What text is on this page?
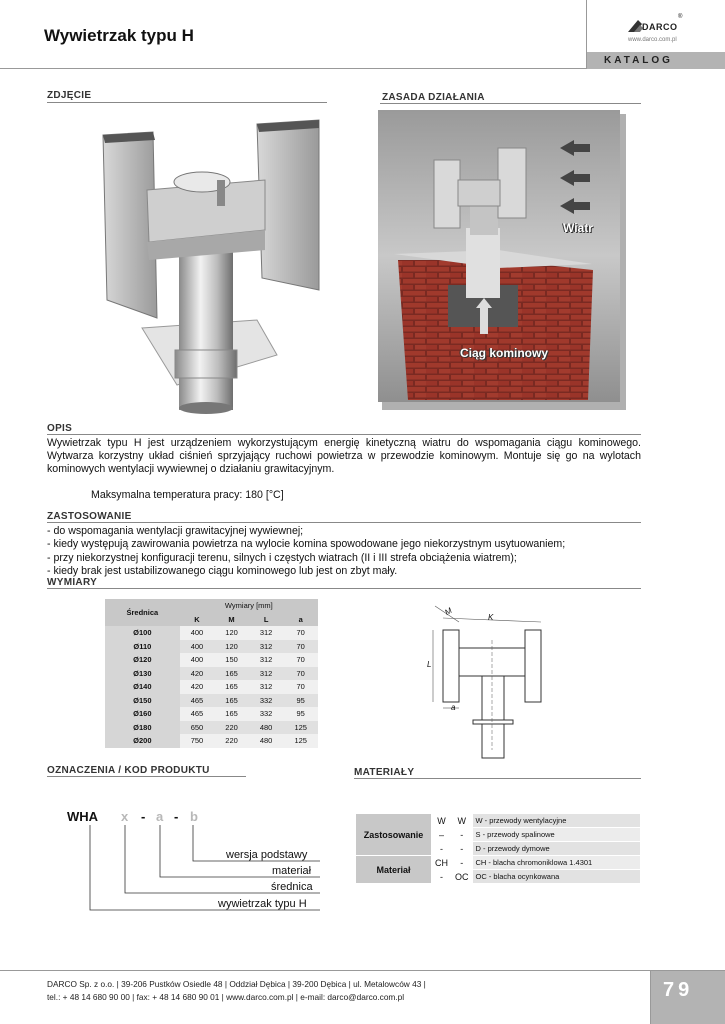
Wywietrzak typu H	DARCO
®
www.darco.com.pl
KATALOG
ZDJĘCIE	ZASADA DZIAŁANIA
Wiatr
Ciąg kominowy
OPIS
Wywietrzak typu H jest urządzeniem wykorzystującym energię kinetyczną wiatru do wspomagania ciągu kominowego. Wytwarza korzystny układ ciśnień sprzyjający ruchowi powietrza w przewodzie kominowym. Montuje się go na wylotach kominowych wentylacji wywiewnej o działaniu grawitacyjnym.
Maksymalna temperatura pracy: 180 [°C]
ZASTOSOWANIE
- do wspomagania wentylacji grawitacyjnej wywiewnej;
- kiedy występują zawirowania powietrza na wylocie komina spowodowane jego niekorzystnym usytuowaniem;
- przy niekorzystnej konfiguracji terenu, silnych i częstych wiatrach (II i III strefa obciążenia wiatrem);
- kiedy brak jest ustabilizowanego ciągu kominowego lub jest on zbyt mały.
WYMIARY
Średnica	Wymiary [mm]			
	K	M	L	a
Ø100	400	120	312	70
Ø110	400	120	312	70
Ø120	400	150	312	70
Ø130	420	165	312	70
Ø140	420	165	312	70
Ø150	465	165	332	95
Ø160	465	165	332	95
Ø180	650	220	480	125
Ø200	750	220	480	125
M
K
L
a
OZNACZENIA / KOD PRODUKTU	MATERIAŁY
WHA x - a - b
wersja podstawy
materiał
średnica
wywietrzak typu H
Zastosowanie	W	W	W - przewody wentylacyjne
	–	-	S - przewody spalinowe
	-	-	D - przewody dymowe
Materiał	CH	-	CH - blacha chromoniklowa 1.4301
	-	OC	OC - blacha ocynkowana
DARCO Sp. z o.o. | 39-206 Pustków Osiedle 48 | Oddział Dębica | 39-200 Dębica | ul. Metalowców 43 |
tel.: + 48 14 680 90 00 | fax: + 48 14 680 90 01 | www.darco.com.pl | e-mail: darco@darco.com.pl	79
